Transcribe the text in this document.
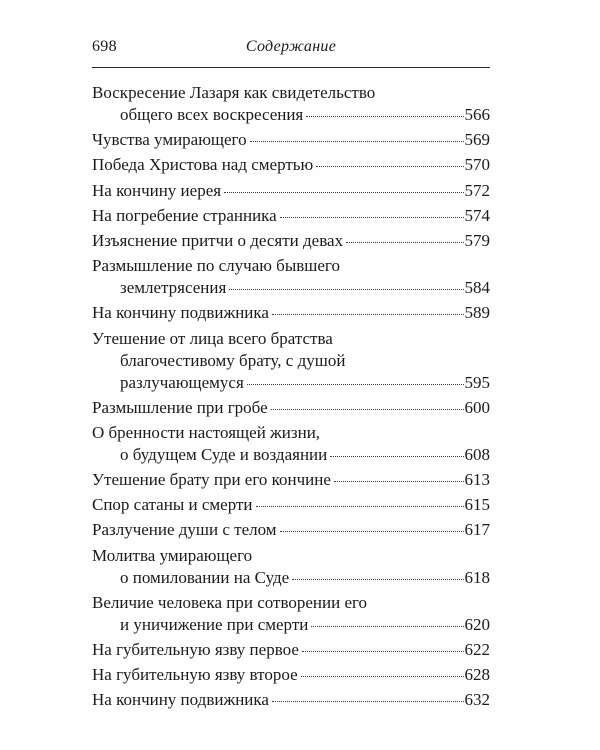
698	Содержание
Воскресение Лазаря как свидетельство
общего всех воскресения	566
Чувства умирающего	569
Победа Христова над смертью	570
На кончину иерея	572
На погребение странника	574
Изъяснение притчи о десяти девах	579
Размышление по случаю бывшего
землетрясения	584
На кончину подвижника	589
Утешение от лица всего братства
благочестивому брату, с душой
разлучающемуся	595
Размышление при гробе	600
О бренности настоящей жизни,
о будущем Суде и воздаянии	608
Утешение брату при его кончине	613
Спор сатаны и смерти	615
Разлучение души с телом	617
Молитва умирающего
о помиловании на Суде	618
Величие человека при сотворении его
и уничижение при смерти	620
На губительную язву первое	622
На губительную язву второе	628
На кончину подвижника	632
